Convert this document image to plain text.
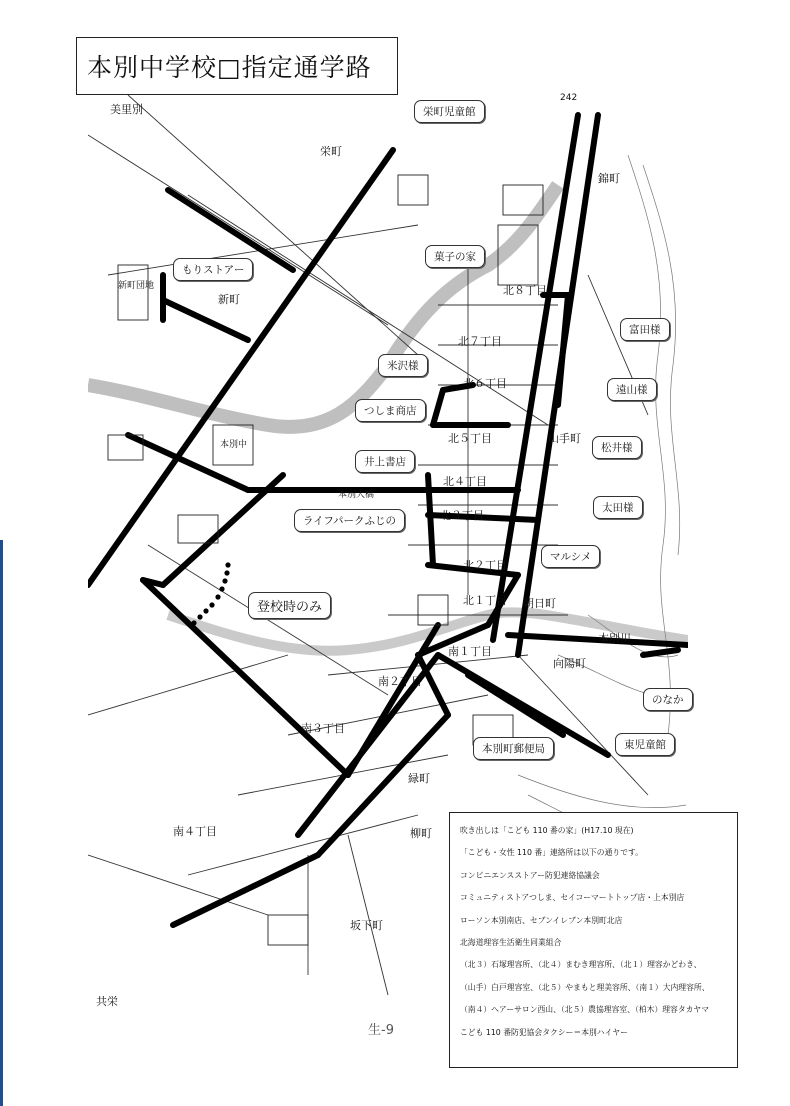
本別中学校□指定通学路
美里別
栄町
新町団地
新町
錦町
北８丁目
北７丁目
北６丁目
北５丁目
北４丁目
北３丁目
北２丁目
北１丁目 朝日町
南１丁目
南２丁目
南３丁目
南４丁目
緑町
柳町
坂下町
共栄
向陽町
山手町
本別川
本別大橋
本別中
242
栄町児童館
菓子の家
もりストアー
富田様
米沢様
遠山様
つしま商店
松井様
井上書店
太田様
ライフパークふじの
マルシメ
登校時のみ
のなか
本別町郵便局	東児童館
吹き出しは「こども 110 番の家」(H17.10 現在)
「こども・女性 110 番」連絡所は以下の通りです。
コンビニエンスストアー防犯連絡協議会
コミュニティストアつしま、セイコーマートトップ店・上本別店
ローソン本別南店、セブンイレブン本別町北店
北海道理容生活衛生同業組合
（北３）石塚理容所、（北４）まむき理容所、（北１）理容かどわき、
（山手）白戸理容室、（北５）やまもと理美容所、（南１）大内理容所、
（南４）ヘアーサロン西山、（北５）農協理容室、（柏木）理容タカヤマ
こども 110 番防犯協会タクシー＝本別ハイヤー
生-9
